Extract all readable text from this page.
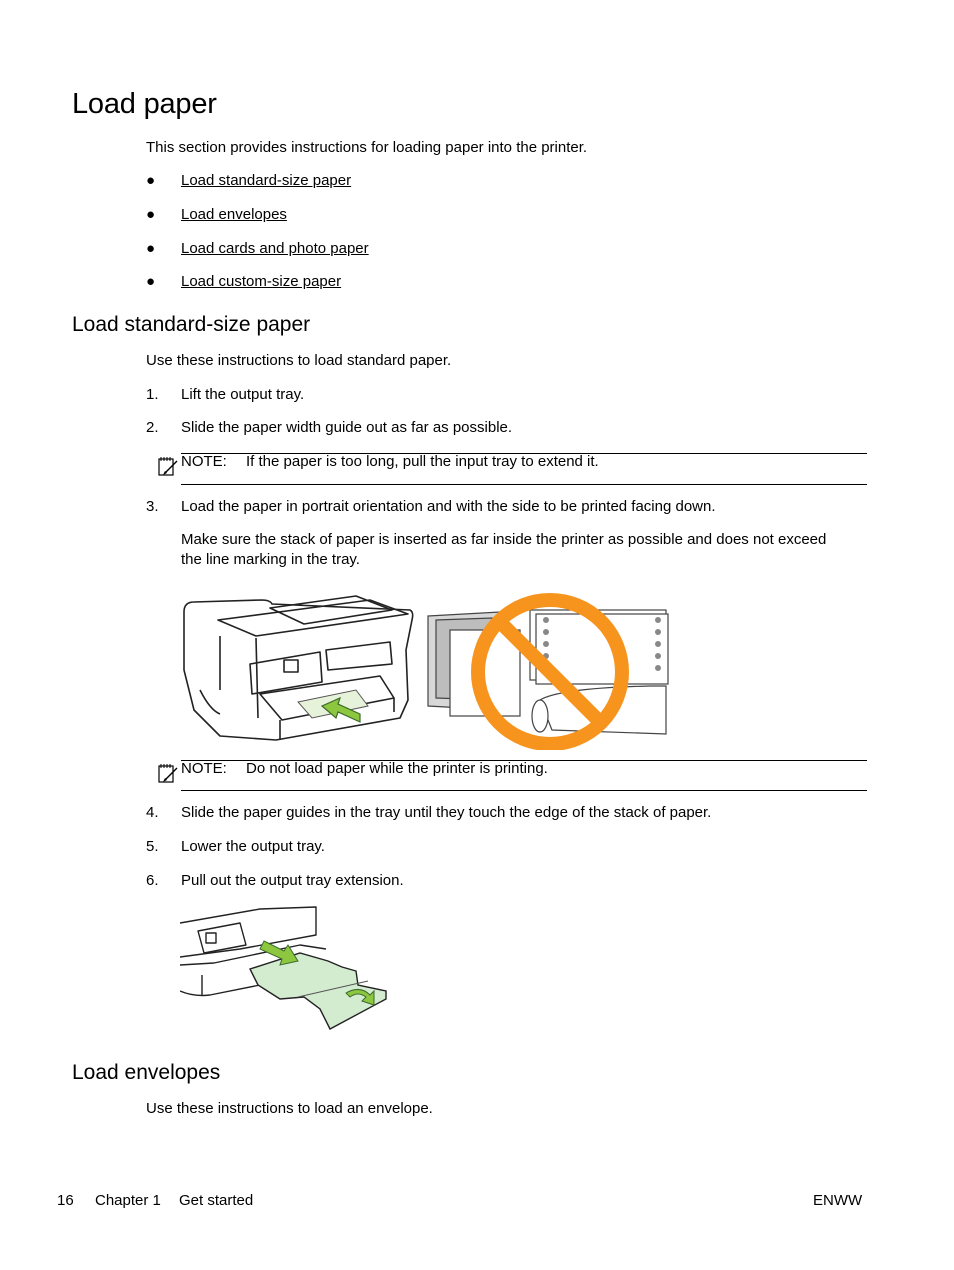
Load paper
This section provides instructions for loading paper into the printer.
● Load standard-size paper
● Load envelopes
● Load cards and photo paper
● Load custom-size paper
Load standard-size paper
Use these instructions to load standard paper.
1. Lift the output tray.
2. Slide the paper width guide out as far as possible.
NOTE: If the paper is too long, pull the input tray to extend it.
3. Load the paper in portrait orientation and with the side to be printed facing down.
Make sure the stack of paper is inserted as far inside the printer as possible and does not exceed the line marking in the tray.
NOTE: Do not load paper while the printer is printing.
4. Slide the paper guides in the tray until they touch the edge of the stack of paper.
5. Lower the output tray.
6. Pull out the output tray extension.
Load envelopes
Use these instructions to load an envelope.
16 Chapter 1 Get started	ENWW
